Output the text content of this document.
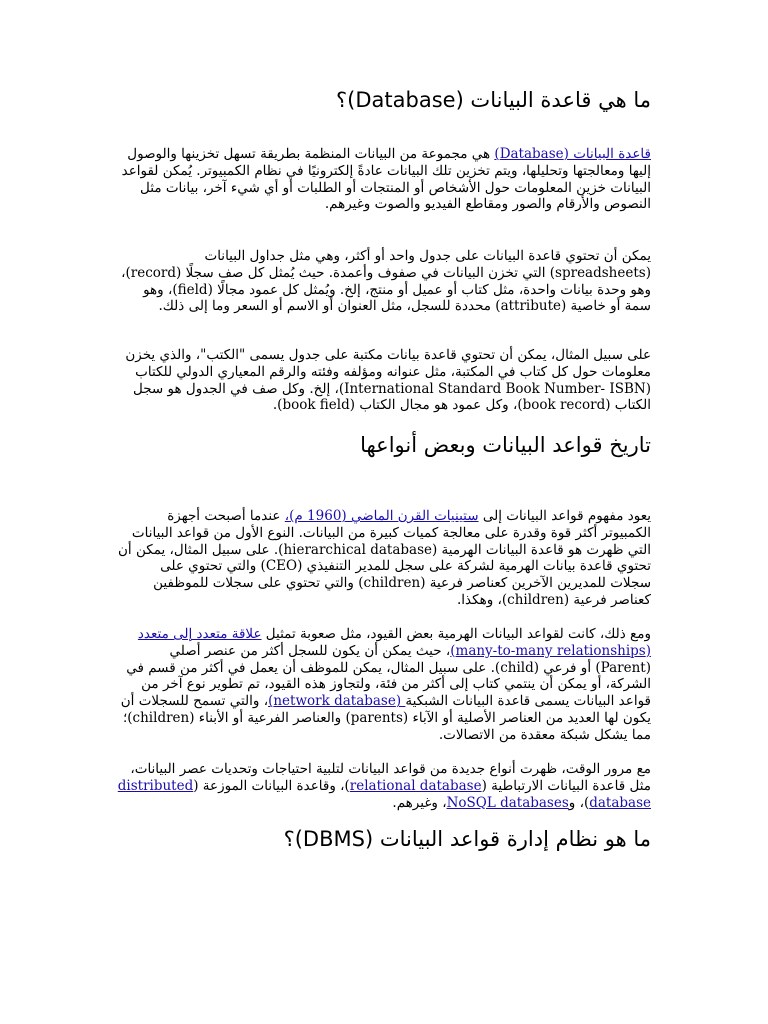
ما هي قاعدة البيانات (Database)؟
قاعدة البيانات (Database) هي مجموعة من البيانات المنظمة بطريقة تسهل تخزينها والوصول إليها ومعالجتها وتحليلها، ويتم تخزين تلك البيانات عادةً إلكترونيًا في نظام الكمبيوتر. يُمكن لقواعد البيانات خزين المعلومات حول الأشخاص أو المنتجات أو الطلبات أو أي شيء آخر، بيانات مثل النصوص والأرقام والصور ومقاطع الفيديو والصوت وغيرهم.
يمكن أن تحتوي قاعدة البيانات على جدول واحد أو أكثر، وهي مثل جداول البيانات (spreadsheets) التي تخزن البيانات في صفوف وأعمدة. حيث يُمثل كل صف سجلًا (record)، وهو وحدة بيانات واحدة، مثل كتاب أو عميل أو منتج، إلخ. ويُمثل كل عمود مجالًا (field)، وهو سمة أو خاصية (attribute) محددة للسجل، مثل العنوان أو الاسم أو السعر وما إلى ذلك.
على سبيل المثال، يمكن أن تحتوي قاعدة بيانات مكتبة على جدول يسمى "الكتب"، والذي يخزن معلومات حول كل كتاب في المكتبة، مثل عنوانه ومؤلفه وفئته والرقم المعياري الدولي للكتاب (International Standard Book Number- ISBN)، إلخ. وكل صف في الجدول هو سجل الكتاب (book record)، وكل عمود هو مجال الكتاب (book field).
تاريخ قواعد البيانات وبعض أنواعها
يعود مفهوم قواعد البيانات إلى ستينيات القرن الماضي (1960 م)، عندما أصبحت أجهزة الكمبيوتر أكثر قوة وقدرة على معالجة كميات كبيرة من البيانات. النوع الأول من قواعد البيانات التي ظهرت هو قاعدة البيانات الهرمية (hierarchical database). على سبيل المثال، يمكن أن تحتوي قاعدة بيانات الهرمية لشركة على سجل للمدير التنفيذي (CEO) والتي تحتوي على سجلات للمديرين الآخرين كعناصر فرعية (children) والتي تحتوي على سجلات للموظفين كعناصر فرعية (children)، وهكذا.
ومع ذلك، كانت لقواعد البيانات الهرمية بعض القيود، مثل صعوبة تمثيل علاقة متعدد إلى متعدد (many-to-many relationships)، حيث يمكن أن يكون للسجل أكثر من عنصر أصلي (Parent) أو فرعي (child). على سبيل المثال، يمكن للموظف أن يعمل في أكثر من قسم في الشركة، أو يمكن أن ينتمي كتاب إلى أكثر من فئة، ولتجاوز هذه القيود، تم تطوير نوع آخر من قواعد البيانات يسمى قاعدة البيانات الشبكية (network database)، والتي تسمح للسجلات أن يكون لها العديد من العناصر الأصلية أو الآباء (parents) والعناصر الفرعية أو الأبناء (children)؛ مما يشكل شبكة معقدة من الاتصالات.
مع مرور الوقت، ظهرت أنواع جديدة من قواعد البيانات لتلبية احتياجات وتحديات عصر البيانات، مثل قاعدة البيانات الارتباطية (relational database)، وقاعدة البيانات الموزعة (distributed database)، وNoSQL databases، وغيرهم.
ما هو نظام إدارة قواعد البيانات (DBMS)؟
